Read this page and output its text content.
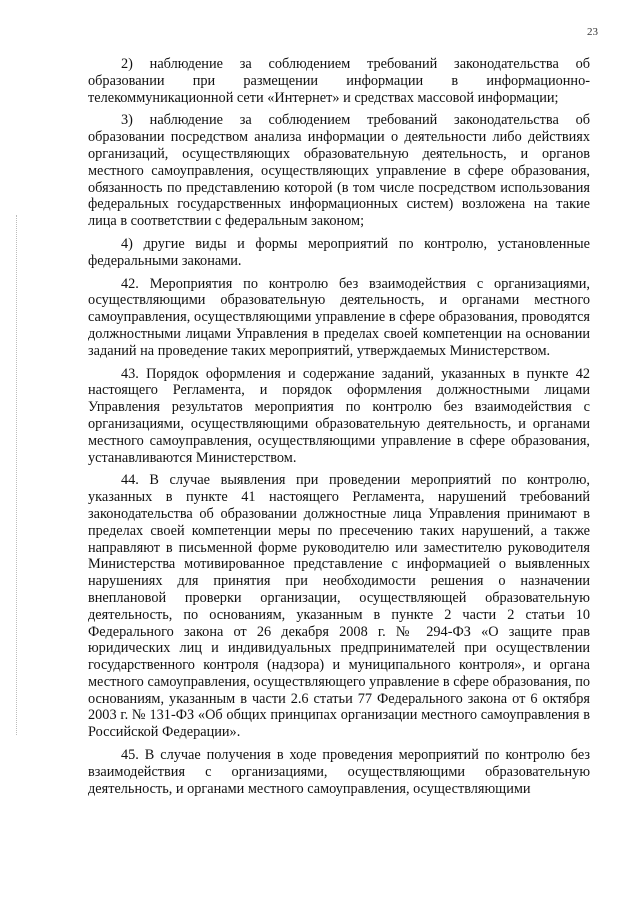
23

2) наблюдение за соблюдением требований законодательства об образовании при размещении информации в информационно-телекоммуникационной сети «Интернет» и средствах массовой информации;

3) наблюдение за соблюдением требований законодательства об образовании посредством анализа информации о деятельности либо действиях организаций, осуществляющих образовательную деятельность, и органов местного самоуправления, осуществляющих управление в сфере образования, обязанность по представлению которой (в том числе посредством использования федеральных государственных информационных систем) возложена на такие лица в соответствии с федеральным законом;

4) другие виды и формы мероприятий по контролю, установленные федеральными законами.

42. Мероприятия по контролю без взаимодействия с организациями, осуществляющими образовательную деятельность, и органами местного самоуправления, осуществляющими управление в сфере образования, проводятся должностными лицами Управления в пределах своей компетенции на основании заданий на проведение таких мероприятий, утверждаемых Министерством.

43. Порядок оформления и содержание заданий, указанных в пункте 42 настоящего Регламента, и порядок оформления должностными лицами Управления результатов мероприятия по контролю без взаимодействия с организациями, осуществляющими образовательную деятельность, и органами местного самоуправления, осуществляющими управление в сфере образования, устанавливаются Министерством.

44. В случае выявления при проведении мероприятий по контролю, указанных в пункте 41 настоящего Регламента, нарушений требований законодательства об образовании должностные лица Управления принимают в пределах своей компетенции меры по пресечению таких нарушений, а также направляют в письменной форме руководителю или заместителю руководителя Министерства мотивированное представление с информацией о выявленных нарушениях для принятия при необходимости решения о назначении внеплановой проверки организации, осуществляющей образовательную деятельность, по основаниям, указанным в пункте 2 части 2 статьи 10 Федерального закона от 26 декабря 2008 г. № 294-ФЗ «О защите прав юридических лиц и индивидуальных предпринимателей при осуществлении государственного контроля (надзора) и муниципального контроля», и органа местного самоуправления, осуществляющего управление в сфере образования, по основаниям, указанным в части 2.6 статьи 77 Федерального закона от 6 октября 2003 г. № 131-ФЗ «Об общих принципах организации местного самоуправления в Российской Федерации».

45. В случае получения в ходе проведения мероприятий по контролю без взаимодействия с организациями, осуществляющими образовательную деятельность, и органами местного самоуправления, осуществляющими
